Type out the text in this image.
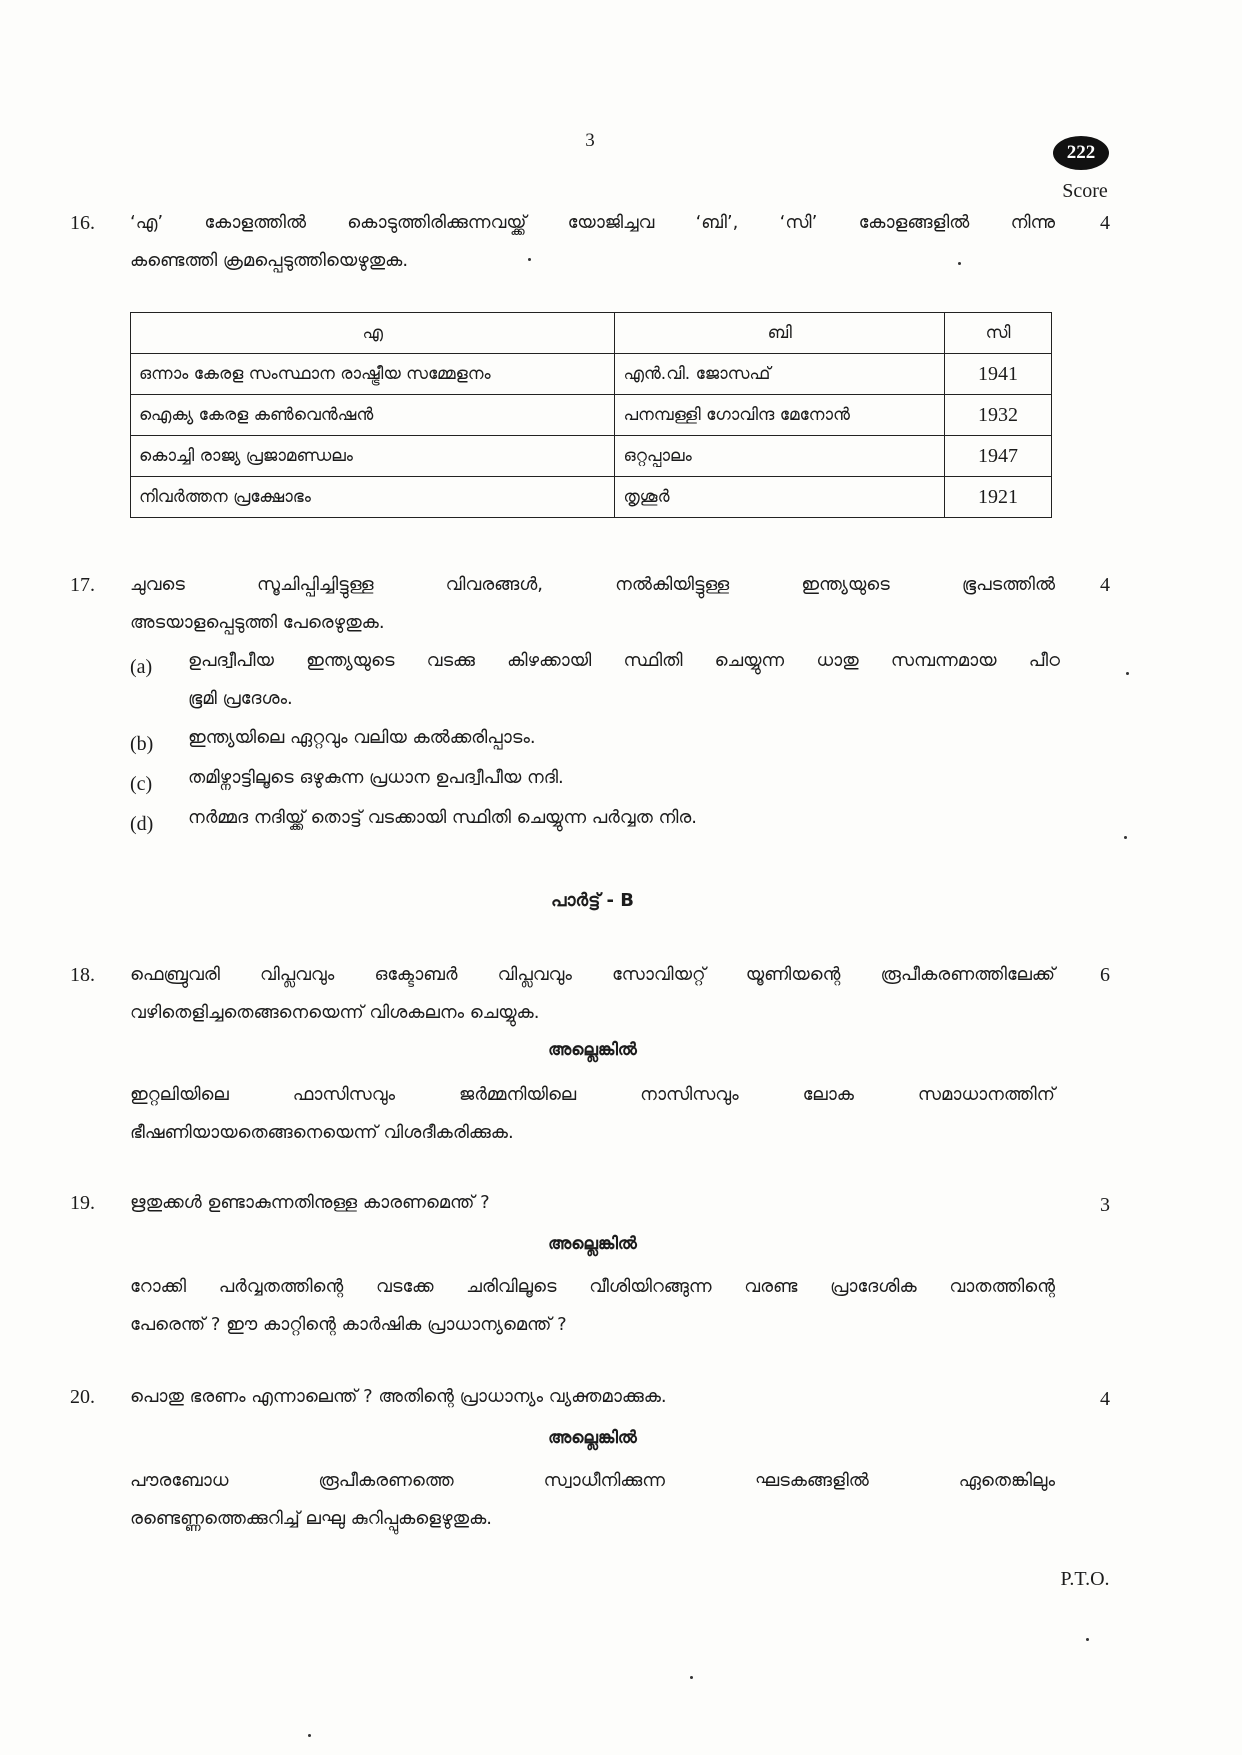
3
222
Score
16.	4
‘എ’ കോളത്തിൽ കൊടുത്തിരിക്കുന്നവയ്ക്ക് യോജിച്ചവ ‘ബി’, ‘സി’ കോളങ്ങളിൽ നിന്നു
കണ്ടെത്തി ക്രമപ്പെടുത്തിയെഴുതുക.
എ	ബി	സി
ഒന്നാം കേരള സംസ്ഥാന രാഷ്ട്രീയ സമ്മേളനം	എൻ.വി. ജോസഫ്	1941
ഐക്യ കേരള കൺവെൻഷൻ	പനമ്പള്ളി ഗോവിന്ദ മേനോൻ	1932
കൊച്ചി രാജ്യ പ്രജാമണ്ഡലം	ഒറ്റപ്പാലം	1947
നിവർത്തന പ്രക്ഷോഭം	തൃശൂർ	1921
17.	4
ചുവടെ സൂചിപ്പിച്ചിട്ടുള്ള വിവരങ്ങൾ, നൽകിയിട്ടുള്ള ഇന്ത്യയുടെ ഭൂപടത്തിൽ
അടയാളപ്പെടുത്തി പേരെഴുതുക.
(a)	ഉപദ്വീപീയ ഇന്ത്യയുടെ വടക്കു കിഴക്കായി സ്ഥിതി ചെയ്യുന്ന ധാതു സമ്പന്നമായ പീഠ
ഭൂമി പ്രദേശം.
(b)	ഇന്ത്യയിലെ ഏറ്റവും വലിയ കൽക്കരിപ്പാടം.
(c)	തമിഴ്നാട്ടിലൂടെ ഒഴുകുന്ന പ്രധാന ഉപദ്വീപീയ നദി.
(d)	നർമ്മദ നദിയ്ക്ക് തൊട്ട് വടക്കായി സ്ഥിതി ചെയ്യുന്ന പർവ്വത നിര.
പാർട്ട് - B
18.	6
ഫെബ്രുവരി വിപ്ലവവും ഒക്ടോബർ വിപ്ലവവും സോവിയറ്റ് യൂണിയന്റെ രൂപീകരണത്തിലേക്ക്
വഴിതെളിച്ചതെങ്ങനെയെന്ന് വിശകലനം ചെയ്യുക.
അല്ലെങ്കിൽ
ഇറ്റലിയിലെ ഫാസിസവും ജർമ്മനിയിലെ നാസിസവും ലോക സമാധാനത്തിന്
ഭീഷണിയായതെങ്ങനെയെന്ന് വിശദീകരിക്കുക.
19.	3
ഋതുക്കൾ ഉണ്ടാകുന്നതിനുള്ള കാരണമെന്ത് ?
അല്ലെങ്കിൽ
റോക്കി പർവ്വതത്തിന്റെ വടക്കേ ചരിവിലൂടെ വീശിയിറങ്ങുന്ന വരണ്ട പ്രാദേശിക വാതത്തിന്റെ
പേരെന്ത് ? ഈ കാറ്റിന്റെ കാർഷിക പ്രാധാന്യമെന്ത് ?
20.	4
പൊതു ഭരണം എന്നാലെന്ത് ? അതിന്റെ പ്രാധാന്യം വ്യക്തമാക്കുക.
അല്ലെങ്കിൽ
പൗരബോധ രൂപീകരണത്തെ സ്വാധീനിക്കുന്ന ഘടകങ്ങളിൽ ഏതെങ്കിലും
രണ്ടെണ്ണത്തെക്കുറിച്ച് ലഘു കുറിപ്പുകളെഴുതുക.
P.T.O.
